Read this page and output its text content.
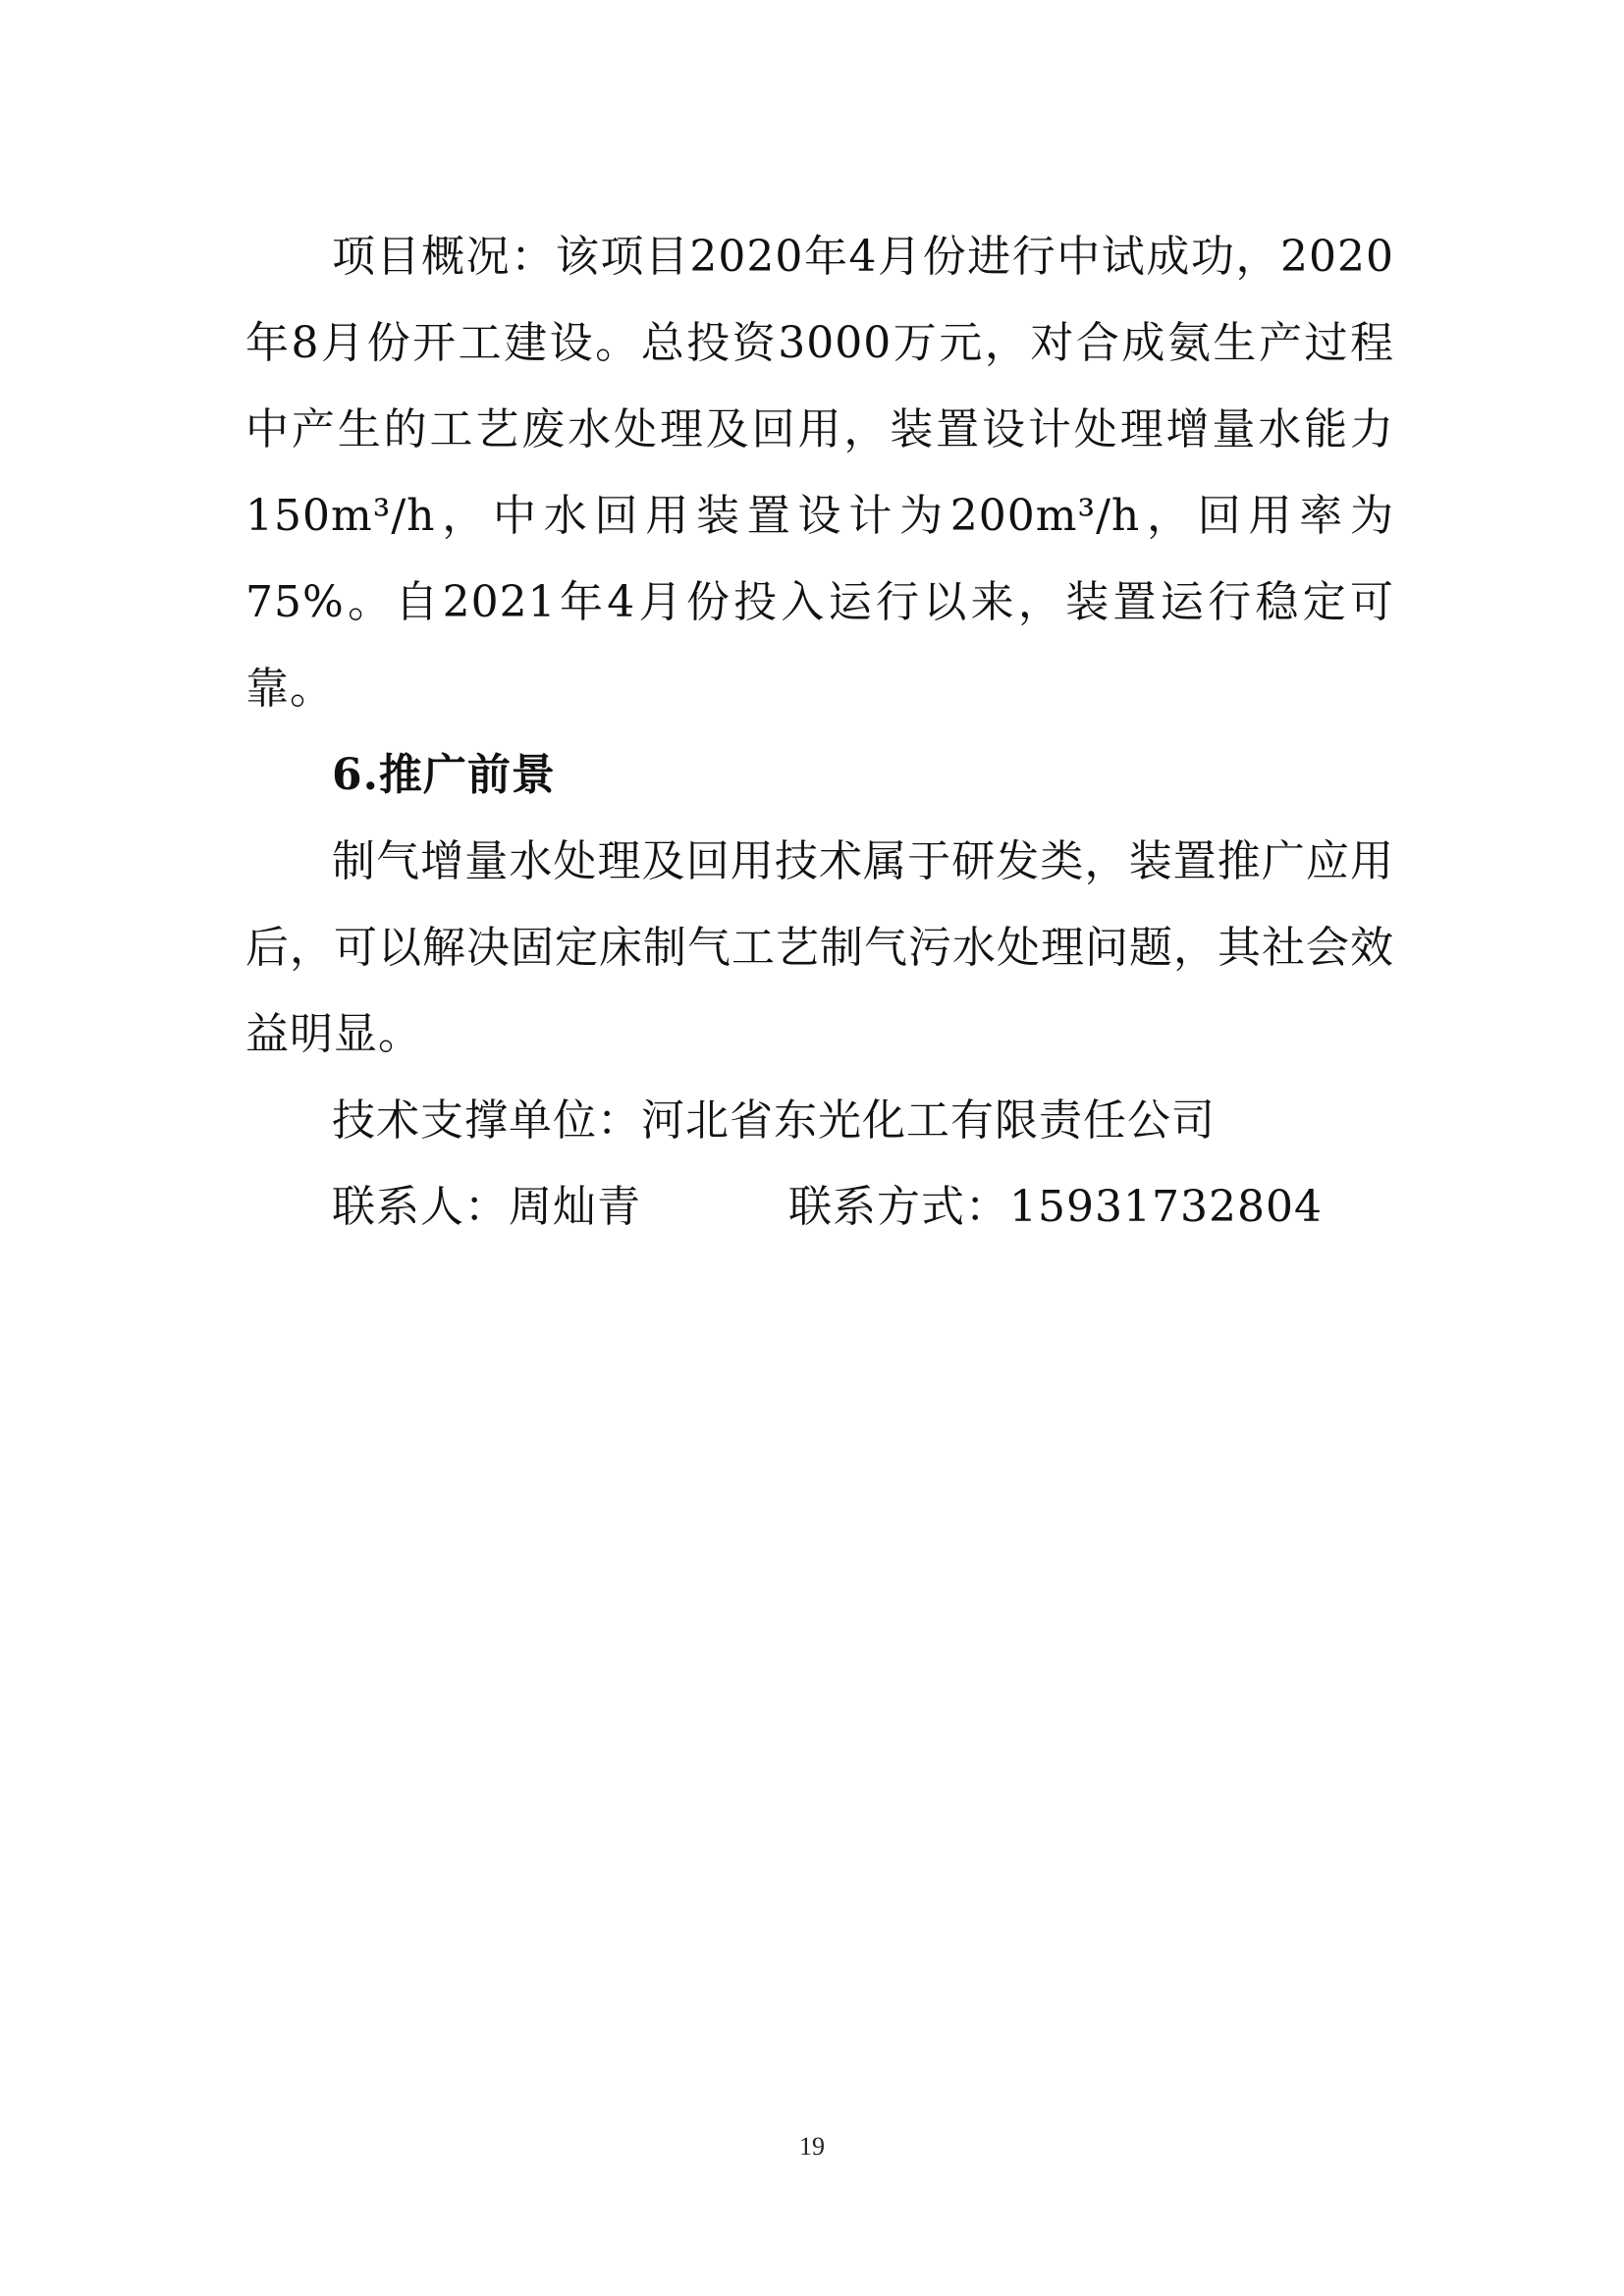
项目概况：该项目2020年4月份进行中试成功，2020年8月份开工建设。总投资3000万元，对合成氨生产过程中产生的工艺废水处理及回用，装置设计处理增量水能力150m³/h，中水回用装置设计为200m³/h，回用率为75%。自2021年4月份投入运行以来，装置运行稳定可靠。

6.推广前景

制气增量水处理及回用技术属于研发类，装置推广应用后，可以解决固定床制气工艺制气污水处理问题，其社会效益明显。

技术支撑单位：河北省东光化工有限责任公司

联系人：周灿青	联系方式：15931732804

19
